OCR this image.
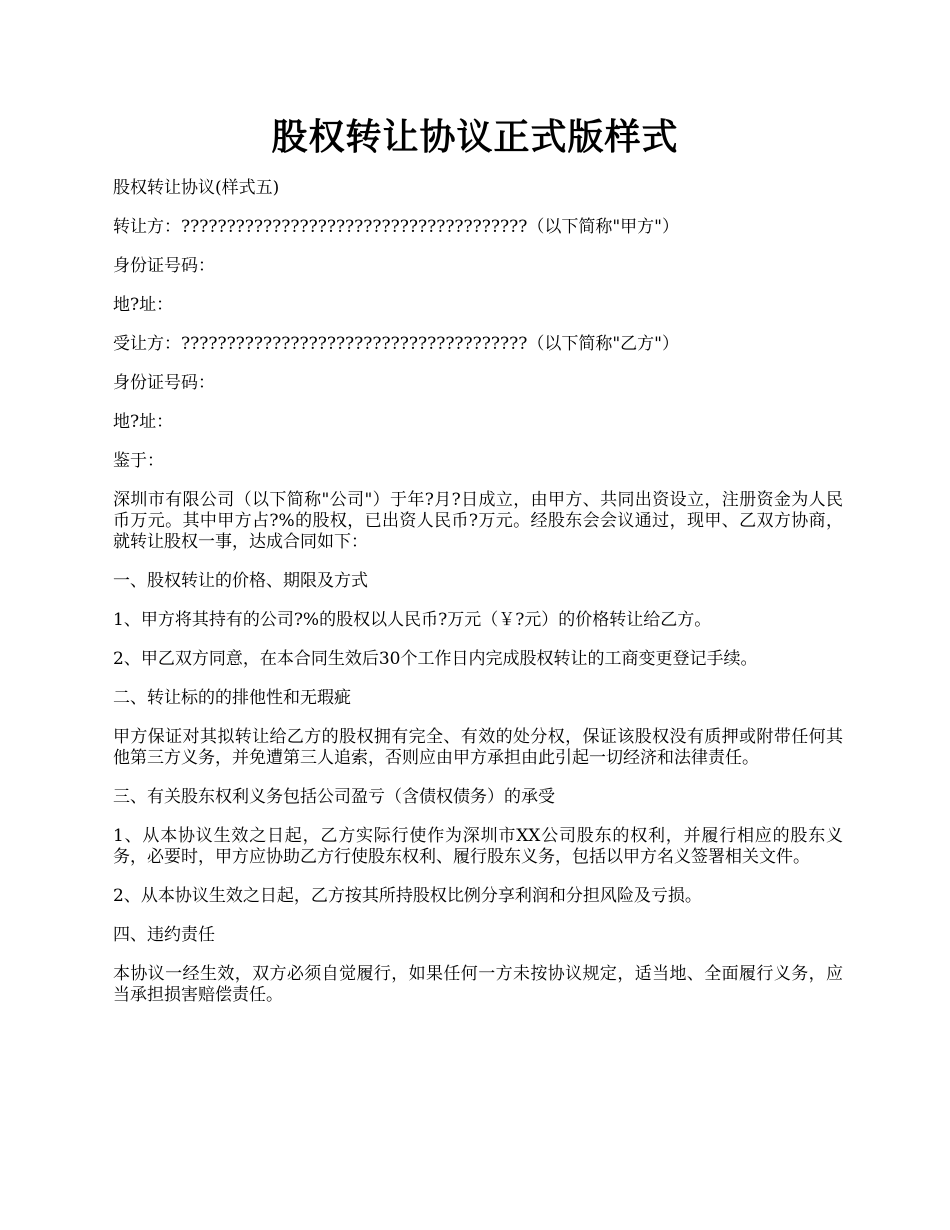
股权转让协议正式版样式

股权转让协议(样式五)

转让方：??????????????????????????????????????（以下简称"甲方"）

身份证号码：

地?址：

受让方：??????????????????????????????????????（以下简称"乙方"）

身份证号码：

地?址：

鉴于：

深圳市有限公司（以下简称"公司"）于年?月?日成立，由甲方、共同出资设立，注册资金为人民币万元。其中甲方占?%的股权，已出资人民币?万元。经股东会会议通过，现甲、乙双方协商，就转让股权一事，达成合同如下：

一、股权转让的价格、期限及方式

1、甲方将其持有的公司?%的股权以人民币?万元（￥?元）的价格转让给乙方。

2、甲乙双方同意，在本合同生效后30个工作日内完成股权转让的工商变更登记手续。

二、转让标的的排他性和无瑕疵

甲方保证对其拟转让给乙方的股权拥有完全、有效的处分权，保证该股权没有质押或附带任何其他第三方义务，并免遭第三人追索，否则应由甲方承担由此引起一切经济和法律责任。

三、有关股东权利义务包括公司盈亏（含债权债务）的承受

1、从本协议生效之日起，乙方实际行使作为深圳市XX公司股东的权利，并履行相应的股东义务，必要时，甲方应协助乙方行使股东权利、履行股东义务，包括以甲方名义签署相关文件。

2、从本协议生效之日起，乙方按其所持股权比例分享利润和分担风险及亏损。

四、违约责任

本协议一经生效，双方必须自觉履行，如果任何一方未按协议规定，适当地、全面履行义务，应当承担损害赔偿责任。
